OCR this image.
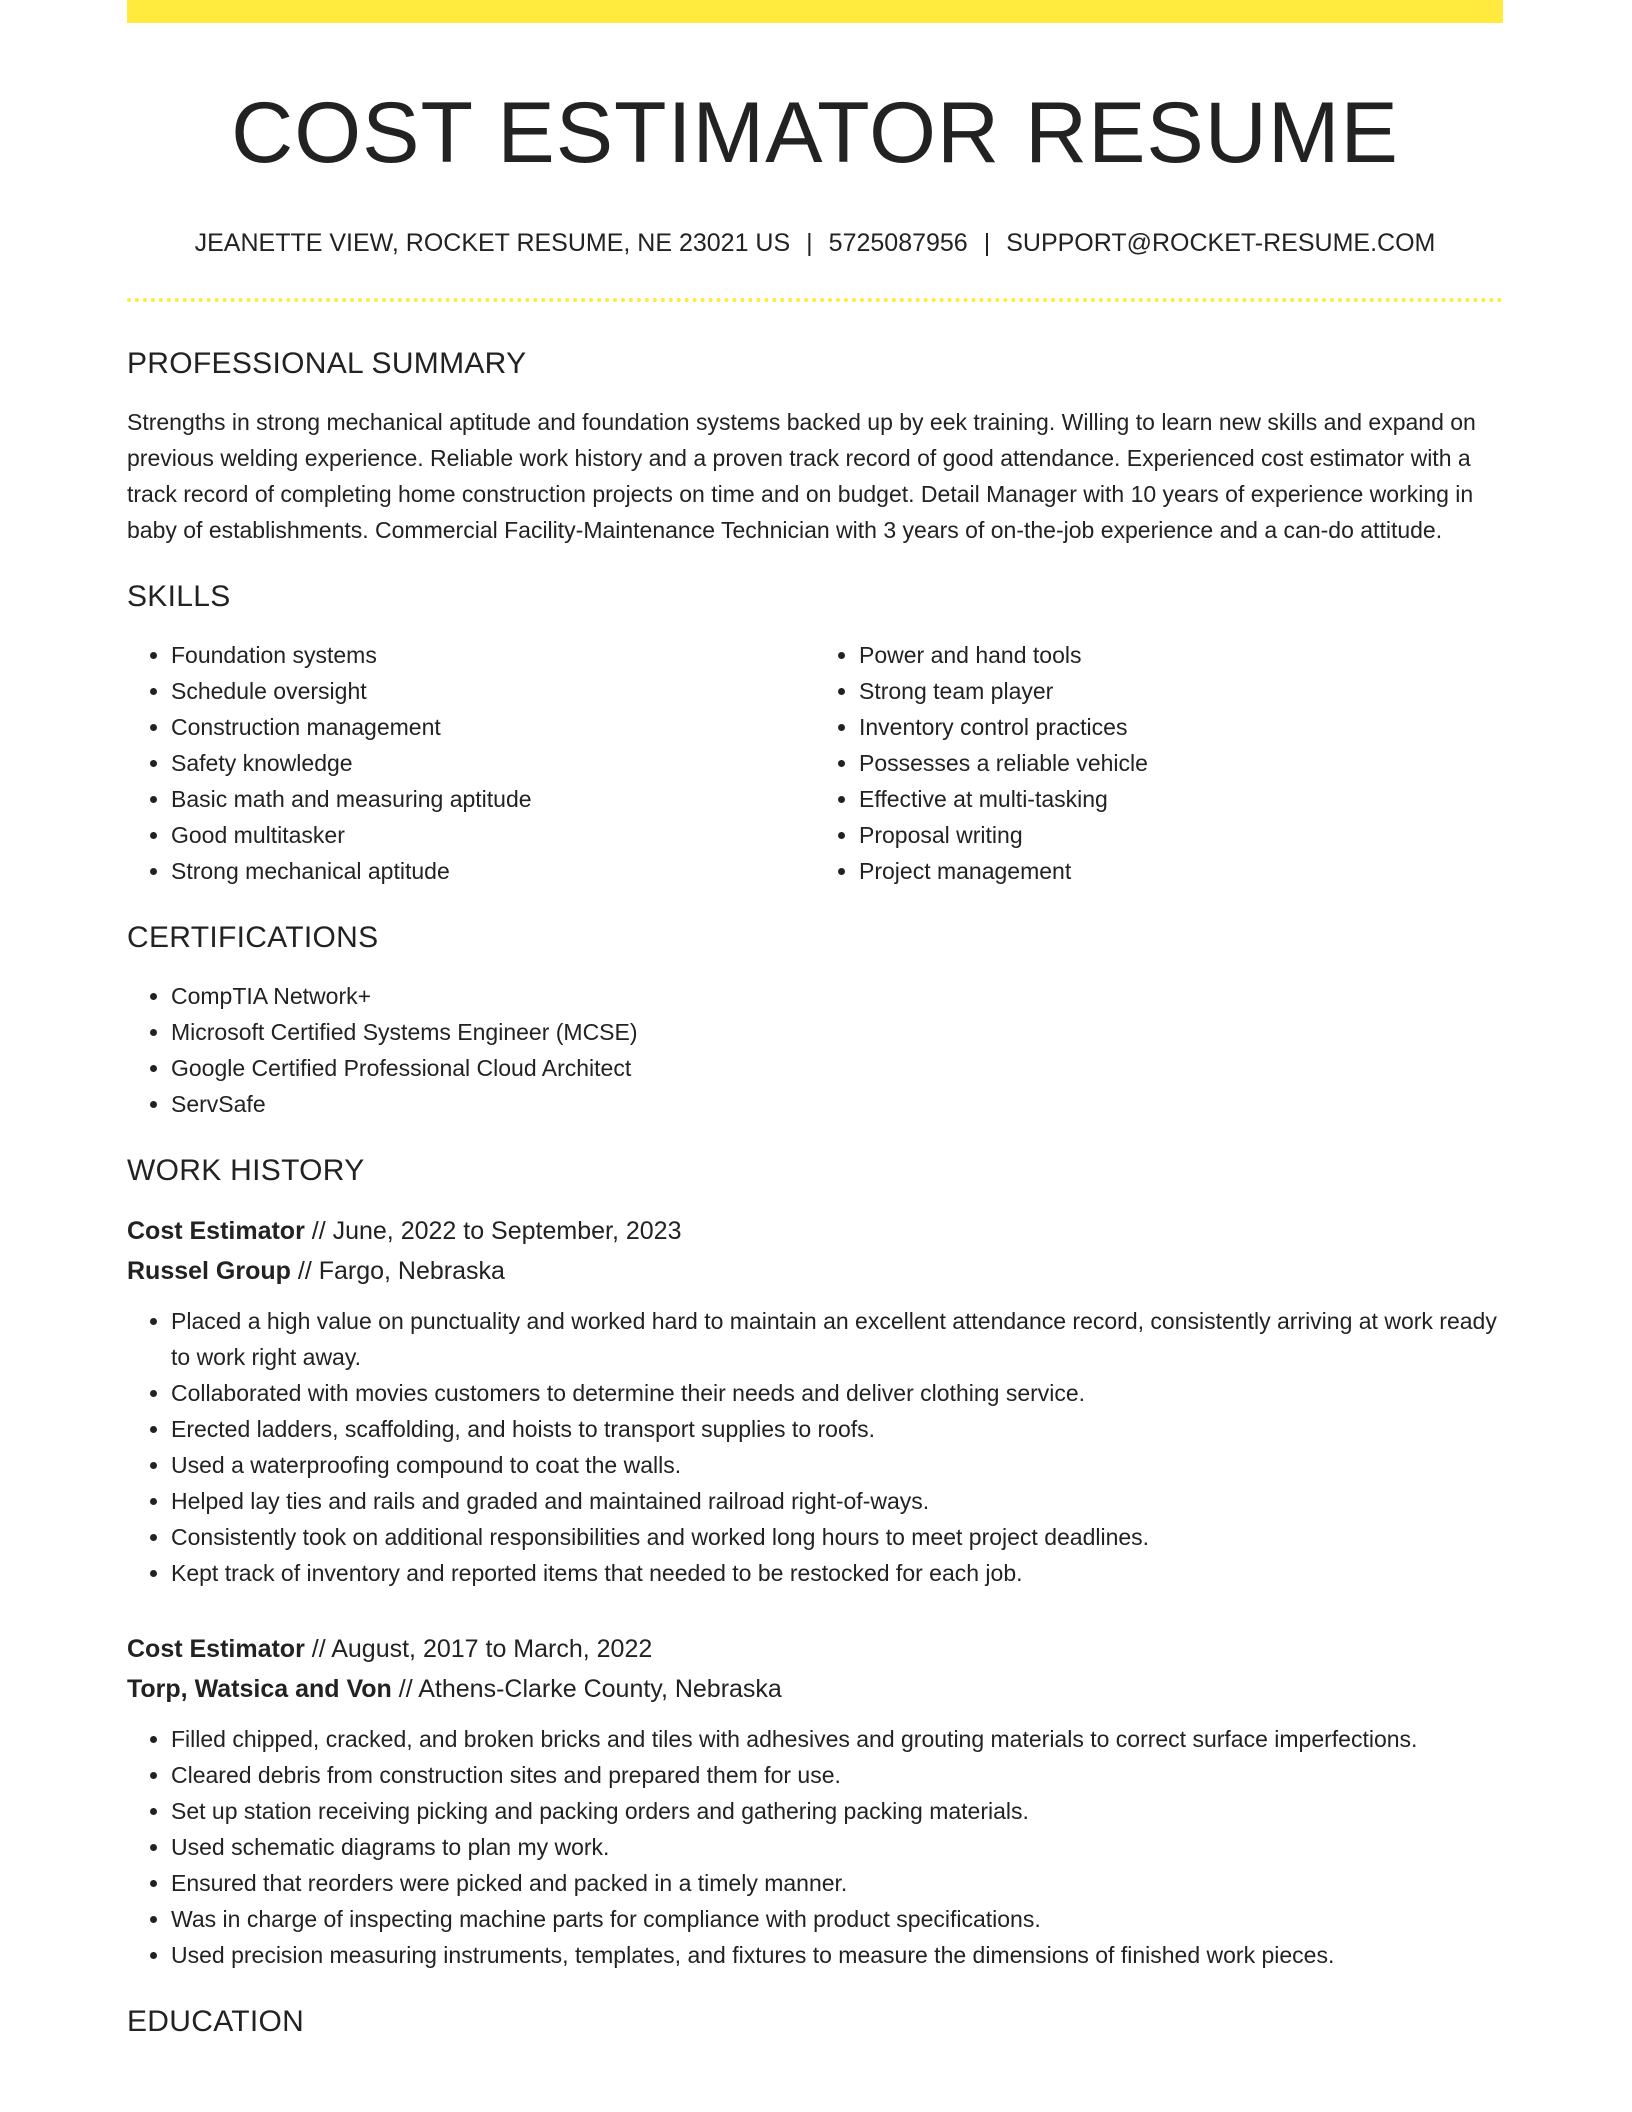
COST ESTIMATOR RESUME
JEANETTE VIEW, ROCKET RESUME, NE 23021 US | 5725087956 | SUPPORT@ROCKET-RESUME.COM
PROFESSIONAL SUMMARY

Strengths in strong mechanical aptitude and foundation systems backed up by eek training. Willing to learn new skills and expand on previous welding experience. Reliable work history and a proven track record of good attendance. Experienced cost estimator with a track record of completing home construction projects on time and on budget. Detail Manager with 10 years of experience working in baby of establishments. Commercial Facility-Maintenance Technician with 3 years of on-the-job experience and a can-do attitude.

SKILLS
• Foundation systems
• Schedule oversight
• Construction management
• Safety knowledge
• Basic math and measuring aptitude
• Good multitasker
• Strong mechanical aptitude
• Power and hand tools
• Strong team player
• Inventory control practices
• Possesses a reliable vehicle
• Effective at multi-tasking
• Proposal writing
• Project management
CERTIFICATIONS
• CompTIA Network+
• Microsoft Certified Systems Engineer (MCSE)
• Google Certified Professional Cloud Architect
• ServSafe
WORK HISTORY
Cost Estimator // June, 2022 to September, 2023
Russel Group // Fargo, Nebraska
• Placed a high value on punctuality and worked hard to maintain an excellent attendance record, consistently arriving at work ready to work right away.
• Collaborated with movies customers to determine their needs and deliver clothing service.
• Erected ladders, scaffolding, and hoists to transport supplies to roofs.
• Used a waterproofing compound to coat the walls.
• Helped lay ties and rails and graded and maintained railroad right-of-ways.
• Consistently took on additional responsibilities and worked long hours to meet project deadlines.
• Kept track of inventory and reported items that needed to be restocked for each job.
Cost Estimator // August, 2017 to March, 2022
Torp, Watsica and Von // Athens-Clarke County, Nebraska
• Filled chipped, cracked, and broken bricks and tiles with adhesives and grouting materials to correct surface imperfections.
• Cleared debris from construction sites and prepared them for use.
• Set up station receiving picking and packing orders and gathering packing materials.
• Used schematic diagrams to plan my work.
• Ensured that reorders were picked and packed in a timely manner.
• Was in charge of inspecting machine parts for compliance with product specifications.
• Used precision measuring instruments, templates, and fixtures to measure the dimensions of finished work pieces.
EDUCATION
